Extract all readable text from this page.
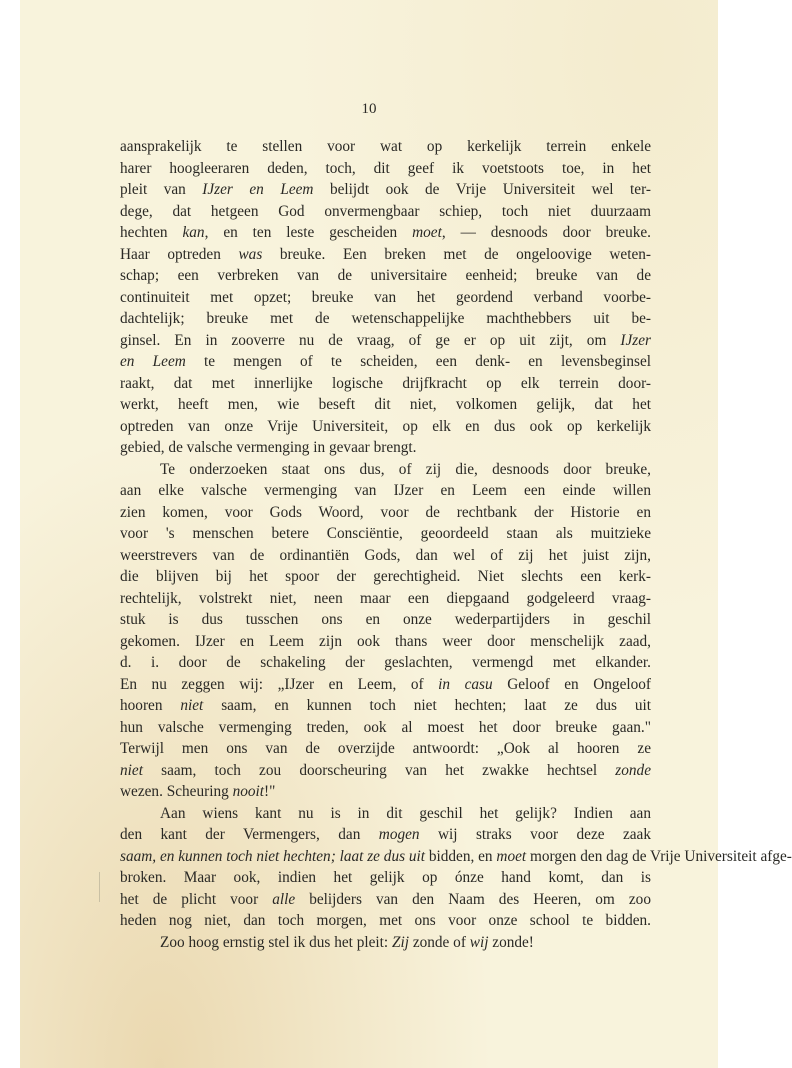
10
aansprakelijk te stellen voor wat op kerkelijk terrein enkele
harer hoogleeraren deden, toch, dit geef ik voetstoots toe, in het
pleit van IJzer en Leem belijdt ook de Vrije Universiteit wel ter-
dege, dat hetgeen God onvermengbaar schiep, toch niet duurzaam
hechten kan, en ten leste gescheiden moet, — desnoods door breuke.
Haar optreden was breuke. Een breken met de ongeloovige weten-
schap; een verbreken van de universitaire eenheid; breuke van de
continuiteit met opzet; breuke van het geordend verband voorbe-
dachtelijk; breuke met de wetenschappelijke machthebbers uit be-
ginsel. En in zooverre nu de vraag, of ge er op uit zijt, om IJzer
en Leem te mengen of te scheiden, een denk- en levensbeginsel
raakt, dat met innerlijke logische drijfkracht op elk terrein door-
werkt, heeft men, wie beseft dit niet, volkomen gelijk, dat het
optreden van onze Vrije Universiteit, op elk en dus ook op kerkelijk
gebied, de valsche vermenging in gevaar brengt.
Te onderzoeken staat ons dus, of zij die, desnoods door breuke,
aan elke valsche vermenging van IJzer en Leem een einde willen
zien komen, voor Gods Woord, voor de rechtbank der Historie en
voor 's menschen betere Consciëntie, geoordeeld staan als muitzieke
weerstrevers van de ordinantiën Gods, dan wel of zij het juist zijn,
die blijven bij het spoor der gerechtigheid. Niet slechts een kerk-
rechtelijk, volstrekt niet, neen maar een diepgaand godgeleerd vraag-
stuk is dus tusschen ons en onze wederpartijders in geschil
gekomen. IJzer en Leem zijn ook thans weer door menschelijk zaad,
d. i. door de schakeling der geslachten, vermengd met elkander.
En nu zeggen wij: „IJzer en Leem, of in casu Geloof en Ongeloof
hooren niet saam, en kunnen toch niet hechten; laat ze dus uit
hun valsche vermenging treden, ook al moest het door breuke gaan."
Terwijl men ons van de overzijde antwoordt: „Ook al hooren ze
niet saam, toch zou doorscheuring van het zwakke hechtsel zonde
wezen. Scheuring nooit!"
Aan wiens kant nu is in dit geschil het gelijk? Indien aan
den kant der Vermengers, dan mogen wij straks voor deze zaak
saam, en kunnen toch niet hechten; laat ze dus uit bidden, en moet morgen den dag de Vrije Universiteit afge-
broken. Maar ook, indien het gelijk op ónze hand komt, dan is
het de plicht voor alle belijders van den Naam des Heeren, om zoo
heden nog niet, dan toch morgen, met ons voor onze school te bidden.
Zoo hoog ernstig stel ik dus het pleit: Zij zonde of wij zonde!
